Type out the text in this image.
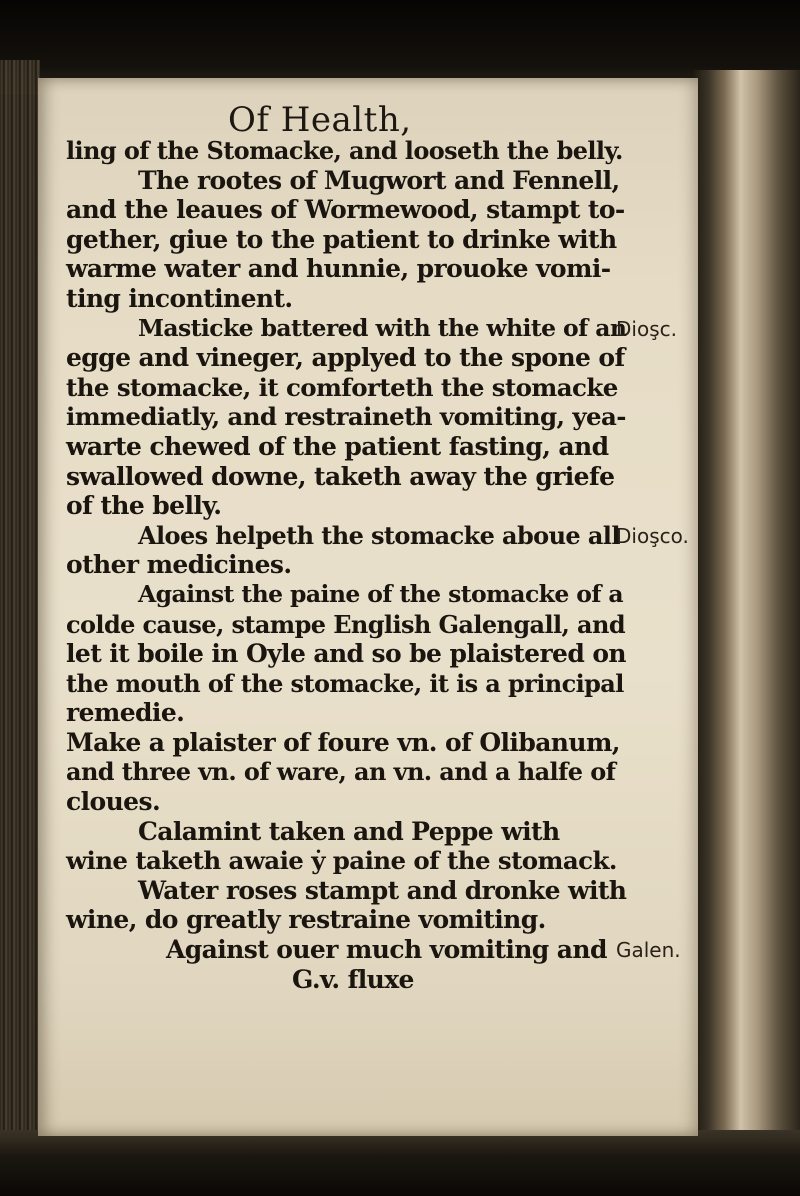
Of Health,
ling of the Stomacke, and looseth the belly.
The rootes of Mugwort and Fennell,
and the leaues of Wormewood, stampt to-
gether, giue to the patient to drinke with
warme water and hunnie, prouoke vomi-
ting incontinent.
Masticke battered with the white of an
egge and vineger, applyed to the spone of
the stomacke, it comforteth the stomacke
immediatly, and restraineth vomiting, yea-
warte chewed of the patient fasting, and
swallowed downe, taketh away the griefe
of the belly.
Aloes helpeth the stomacke aboue all
other medicines.
Against the paine of the stomacke of a
colde cause, stampe English Galengall, and
let it boile in Oyle and so be plaistered on
the mouth of the stomacke, it is a principal
remedie.
Make a plaister of foure vn. of Olibanum,
and three vn. of ware, an vn. and a halfe of
cloues.
Calamint taken and Peppe with
wine taketh awaie ẏ paine of the stomack.
Water roses stampt and dronke with
wine, do greatly restraine vomiting.
Against ouer much vomiting and
G.v. fluxe
Dioşc.
Dioşco.
Galen.
